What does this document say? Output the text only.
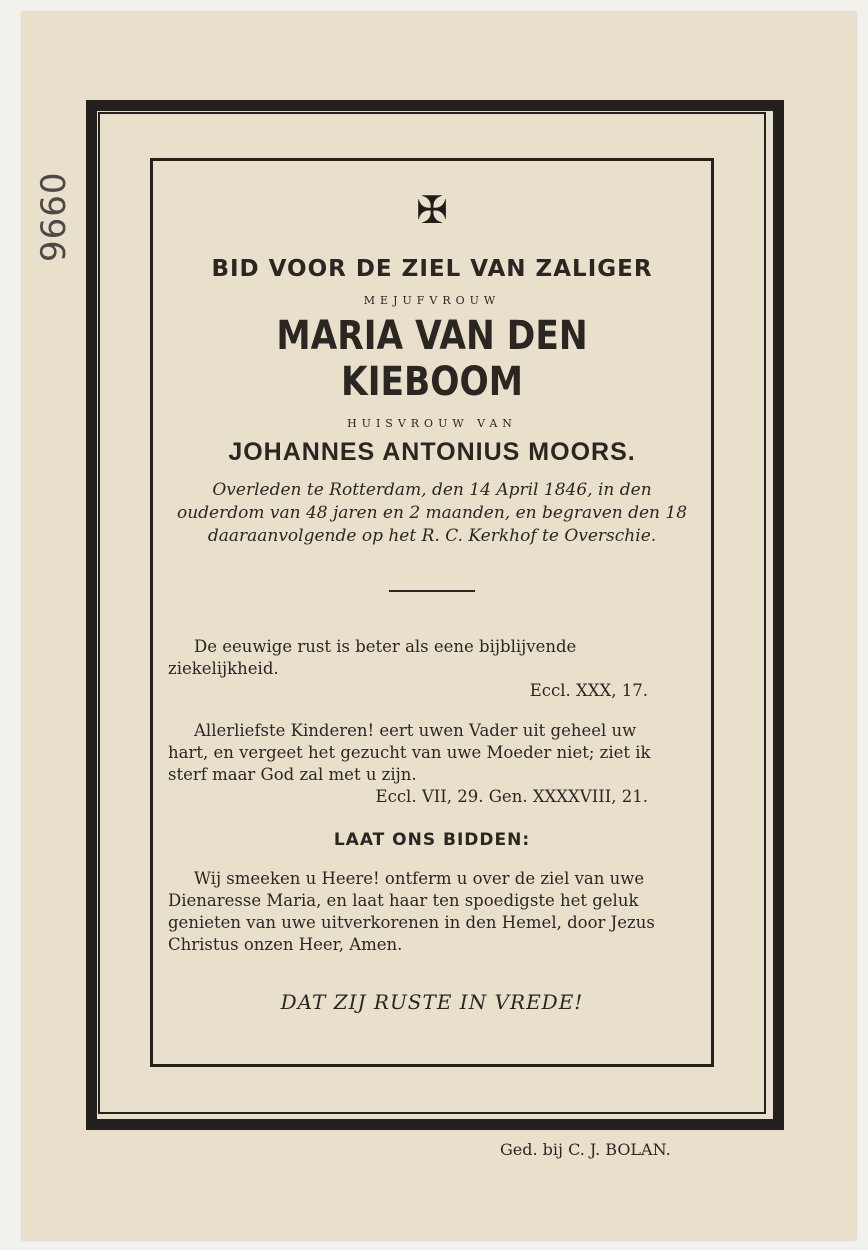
9660	✠
BID VOOR DE ZIEL VAN ZALIGER
MEJUFVROUW
MARIA VAN DEN KIEBOOM
HUISVROUW VAN
JOHANNES ANTONIUS MOORS.
Overleden te Rotterdam, den 14 April 1846, in den ouderdom van 48 jaren en 2 maanden, en begraven den 18 daaraanvolgende op het R. C. Kerkhof te Overschie.
De eeuwige rust is beter als eene bijblijvende ziekelijkheid.
Eccl. XXX, 17.
Allerliefste Kinderen! eert uwen Vader uit geheel uw hart, en vergeet het gezucht van uwe Moeder niet; ziet ik sterf maar God zal met u zijn.
Eccl. VII, 29. Gen. XXXXVIII, 21.
LAAT ONS BIDDEN:
Wij smeeken u Heere! ontferm u over de ziel van uwe Dienaresse Maria, en laat haar ten spoedigste het geluk genieten van uwe uitverkorenen in den Hemel, door Jezus Christus onzen Heer, Amen.
DAT ZIJ RUSTE IN VREDE!
Ged. bij C. J. BOLAN.
